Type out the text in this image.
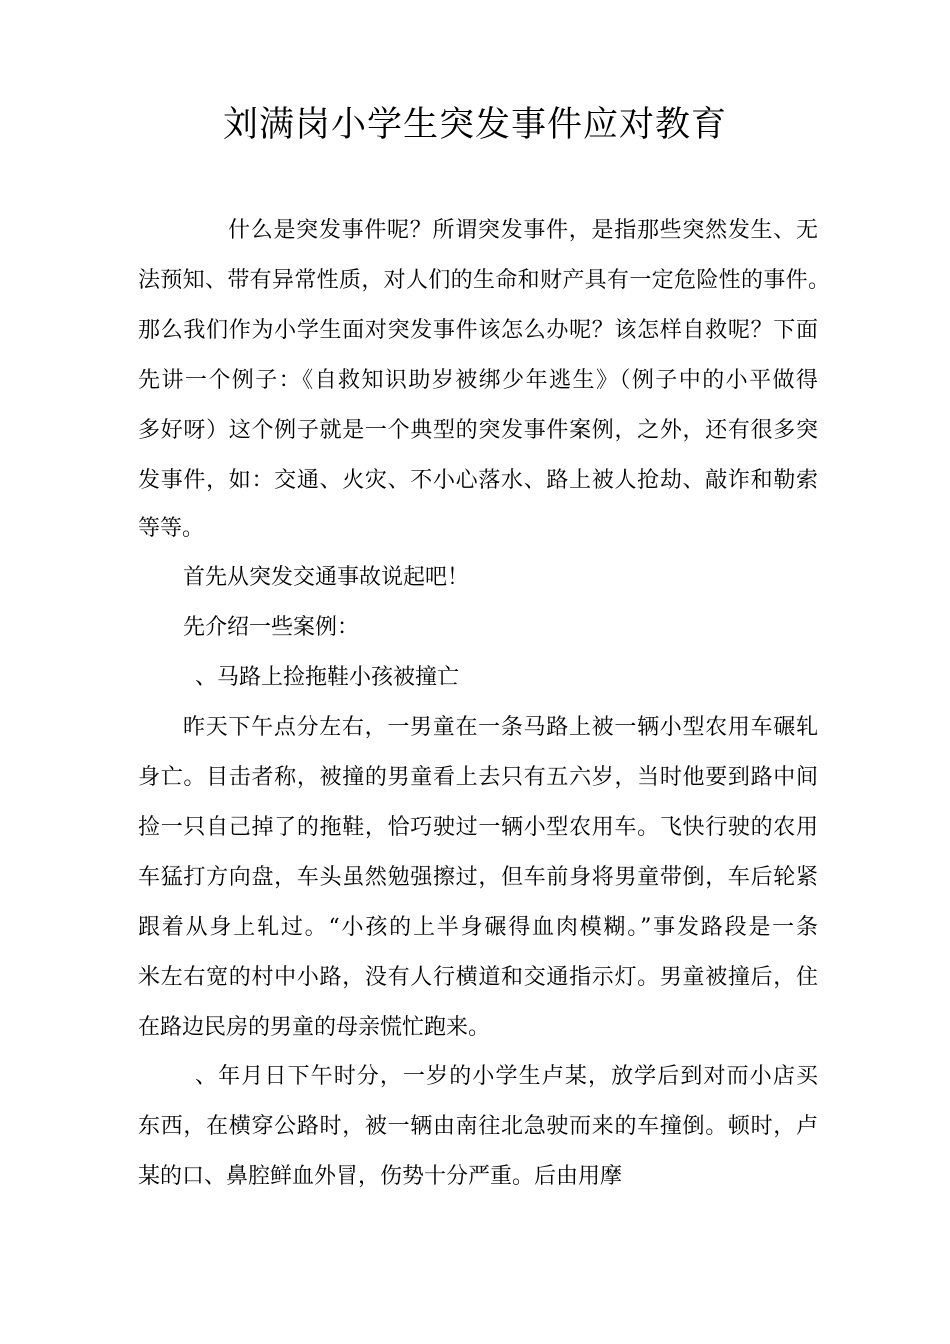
刘满岗小学生突发事件应对教育
什么是突发事件呢？所谓突发事件，是指那些突然发生、无
法预知、带有异常性质，对人们的生命和财产具有一定危险性的事件。
那么我们作为小学生面对突发事件该怎么办呢？该怎样自救呢？下面
先讲一个例子：《自救知识助岁被绑少年逃生》（例子中的小平做得
多好呀）这个例子就是一个典型的突发事件案例，之外，还有很多突
发事件，如：交通、火灾、不小心落水、路上被人抢劫、敲诈和勒索
等等。
首先从突发交通事故说起吧！
先介绍一些案例：
、马路上捡拖鞋小孩被撞亡
昨天下午点分左右，一男童在一条马路上被一辆小型农用车碾轧
身亡。目击者称，被撞的男童看上去只有五六岁，当时他要到路中间
捡一只自己掉了的拖鞋，恰巧驶过一辆小型农用车。飞快行驶的农用
车猛打方向盘，车头虽然勉强擦过，但车前身将男童带倒，车后轮紧
跟着从身上轧过。“小孩的上半身碾得血肉模糊。”事发路段是一条
米左右宽的村中小路，没有人行横道和交通指示灯。男童被撞后，住
在路边民房的男童的母亲慌忙跑来。
、年月日下午时分，一岁的小学生卢某，放学后到对而小店买
东西，在横穿公路时，被一辆由南往北急驶而来的车撞倒。顿时，卢
某的口、鼻腔鲜血外冒，伤势十分严重。后由用摩
